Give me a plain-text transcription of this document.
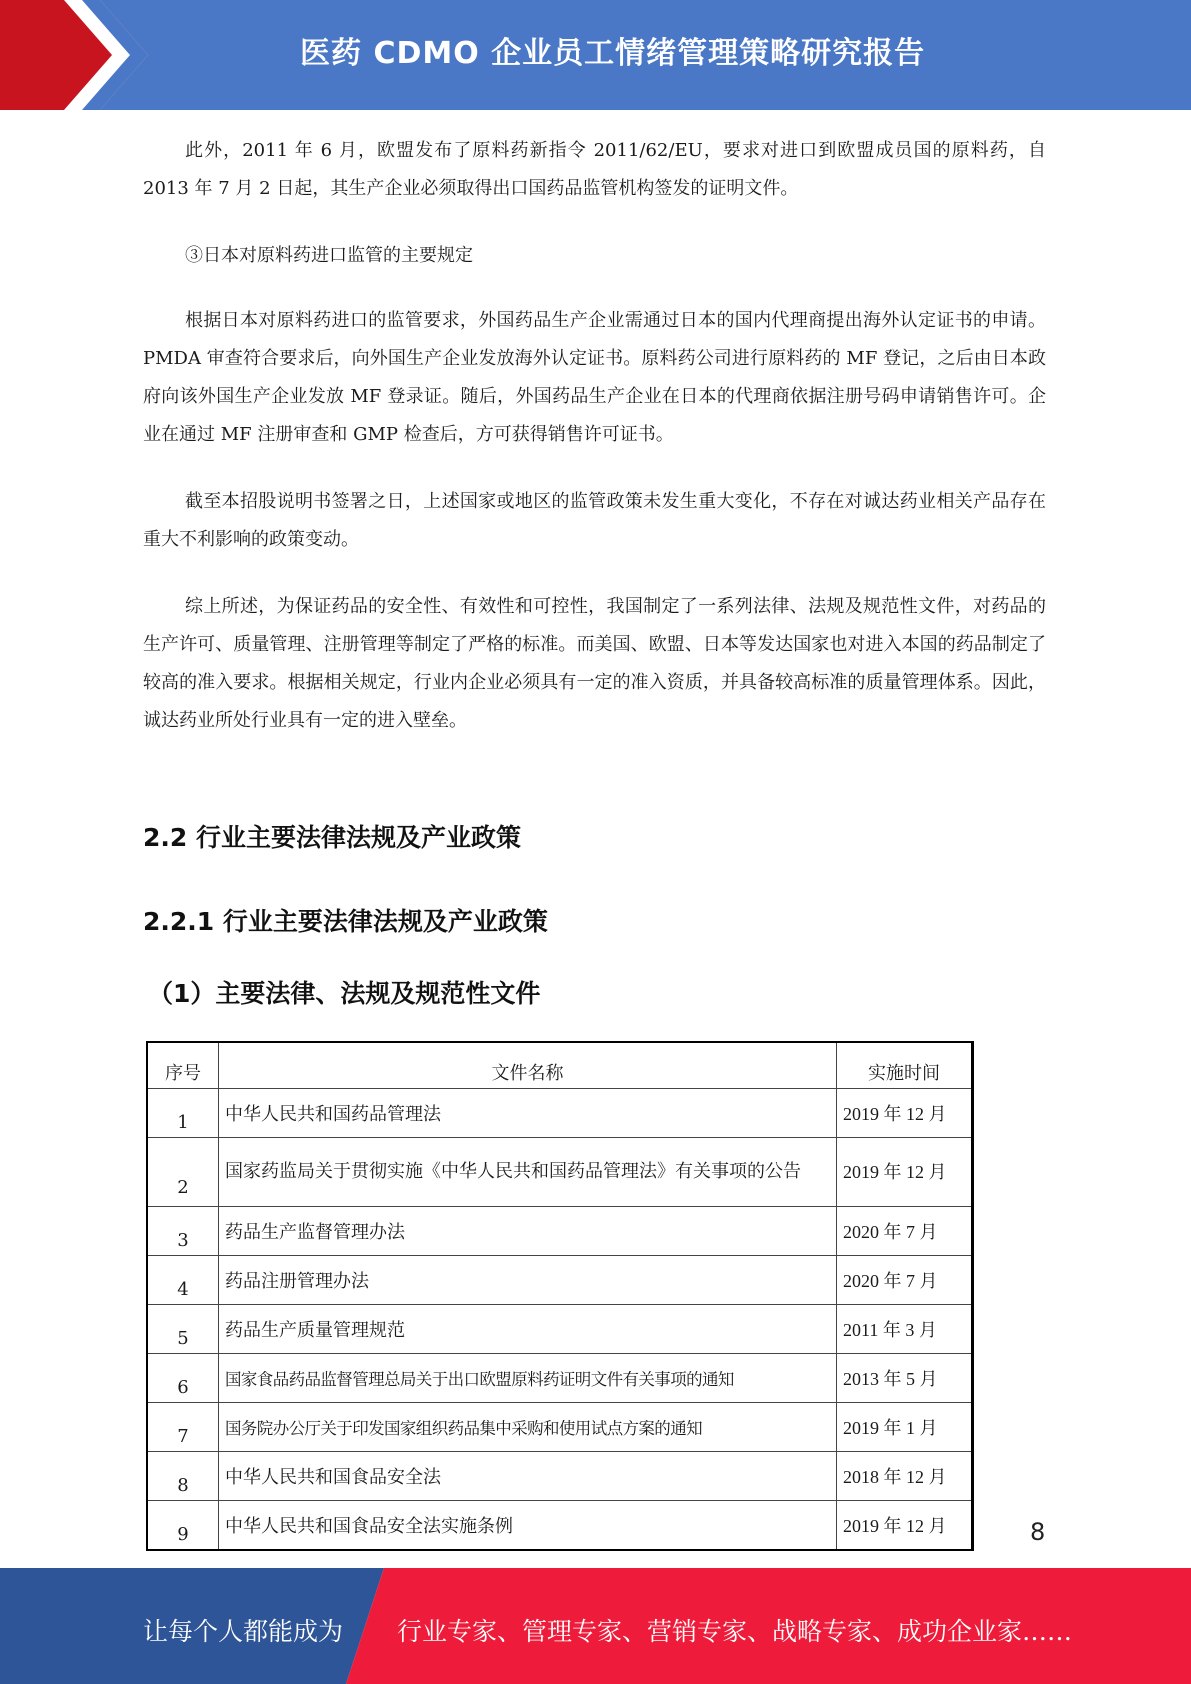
医药 CDMO 企业员工情绪管理策略研究报告

此外，2011 年 6 月，欧盟发布了原料药新指令 2011/62/EU，要求对进口到欧盟成员国的原料药，自 2013 年 7 月 2 日起，其生产企业必须取得出口国药品监管机构签发的证明文件。

③日本对原料药进口监管的主要规定

根据日本对原料药进口的监管要求，外国药品生产企业需通过日本的国内代理商提出海外认定证书的申请。PMDA 审查符合要求后，向外国生产企业发放海外认定证书。原料药公司进行原料药的 MF 登记，之后由日本政府向该外国生产企业发放 MF 登录证。随后，外国药品生产企业在日本的代理商依据注册号码申请销售许可。企业在通过 MF 注册审查和 GMP 检查后，方可获得销售许可证书。

截至本招股说明书签署之日，上述国家或地区的监管政策未发生重大变化，不存在对诚达药业相关产品存在重大不利影响的政策变动。

综上所述，为保证药品的安全性、有效性和可控性，我国制定了一系列法律、法规及规范性文件，对药品的生产许可、质量管理、注册管理等制定了严格的标准。而美国、欧盟、日本等发达国家也对进入本国的药品制定了较高的准入要求。根据相关规定，行业内企业必须具有一定的准入资质，并具备较高标准的质量管理体系。因此，诚达药业所处行业具有一定的进入壁垒。

2.2 行业主要法律法规及产业政策
2.2.1 行业主要法律法规及产业政策
（1）主要法律、法规及规范性文件
序号	文件名称	实施时间
1	中华人民共和国药品管理法	2019 年 12 月
2	国家药监局关于贯彻实施《中华人民共和国药品管理法》有关事项的公告	2019 年 12 月
3	药品生产监督管理办法	2020 年 7 月
4	药品注册管理办法	2020 年 7 月
5	药品生产质量管理规范	2011 年 3 月
6	国家食品药品监督管理总局关于出口欧盟原料药证明文件有关事项的通知	2013 年 5 月
7	国务院办公厅关于印发国家组织药品集中采购和使用试点方案的通知	2019 年 1 月
8	中华人民共和国食品安全法	2018 年 12 月
9	中华人民共和国食品安全法实施条例	2019 年 12 月	8
让每个人都能成为 行业专家、管理专家、营销专家、战略专家、成功企业家……
